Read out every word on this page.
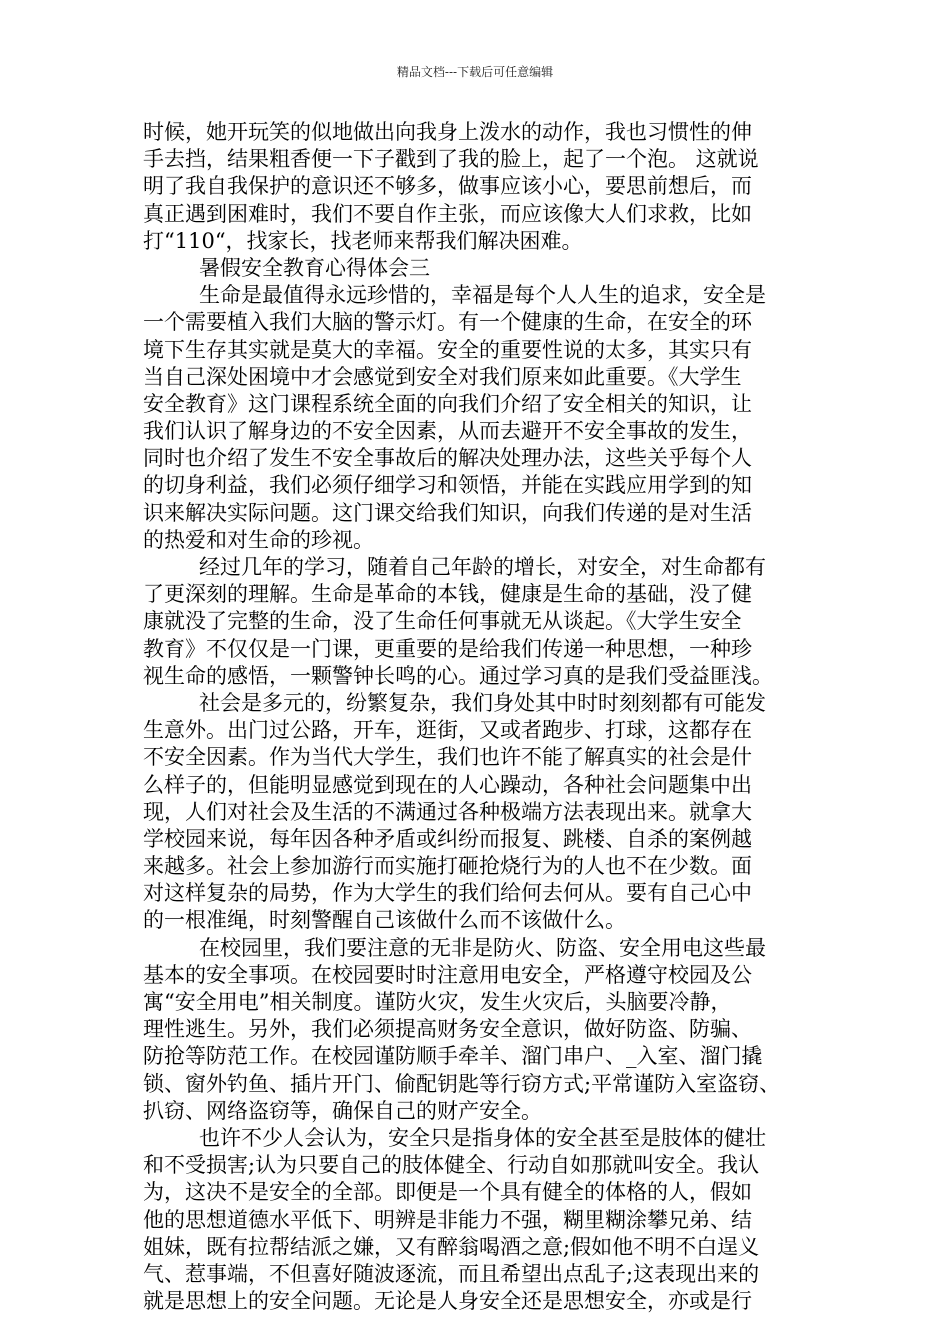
精品文档---下载后可任意编辑
时候，她开玩笑的似地做出向我身上泼水的动作，我也习惯性的伸
手去挡，结果粗香便一下子戳到了我的脸上，起了一个泡。 这就说
明了我自我保护的意识还不够多，做事应该小心，要思前想后，而
真正遇到困难时，我们不要自作主张，而应该像大人们求救，比如
打“110“，找家长，找老师来帮我们解决困难。
暑假安全教育心得体会三
生命是最值得永远珍惜的，幸福是每个人人生的追求，安全是
一个需要植入我们大脑的警示灯。有一个健康的生命，在安全的环
境下生存其实就是莫大的幸福。安全的重要性说的太多，其实只有
当自己深处困境中才会感觉到安全对我们原来如此重要。《大学生
安全教育》这门课程系统全面的向我们介绍了安全相关的知识，让
我们认识了解身边的不安全因素，从而去避开不安全事故的发生，
同时也介绍了发生不安全事故后的解决处理办法，这些关乎每个人
的切身利益，我们必须仔细学习和领悟，并能在实践应用学到的知
识来解决实际问题。这门课交给我们知识，向我们传递的是对生活
的热爱和对生命的珍视。
经过几年的学习，随着自己年龄的增长，对安全，对生命都有
了更深刻的理解。生命是革命的本钱，健康是生命的基础，没了健
康就没了完整的生命，没了生命任何事就无从谈起。《大学生安全
教育》不仅仅是一门课，更重要的是给我们传递一种思想，一种珍
视生命的感悟，一颗警钟长鸣的心。通过学习真的是我们受益匪浅。
社会是多元的，纷繁复杂，我们身处其中时时刻刻都有可能发
生意外。出门过公路，开车，逛街，又或者跑步、打球，这都存在
不安全因素。作为当代大学生，我们也许不能了解真实的社会是什
么样子的，但能明显感觉到现在的人心躁动，各种社会问题集中出
现，人们对社会及生活的不满通过各种极端方法表现出来。就拿大
学校园来说，每年因各种矛盾或纠纷而报复、跳楼、自杀的案例越
来越多。社会上参加游行而实施打砸抢烧行为的人也不在少数。面
对这样复杂的局势，作为大学生的我们给何去何从。要有自己心中
的一根准绳，时刻警醒自己该做什么而不该做什么。
在校园里，我们要注意的无非是防火、防盗、安全用电这些最
基本的安全事项。在校园要时时注意用电安全，严格遵守校园及公
寓“安全用电”相关制度。谨防火灾，发生火灾后，头脑要冷静，
理性逃生。另外，我们必须提高财务安全意识，做好防盗、防骗、
防抢等防范工作。在校园谨防顺手牵羊、溜门串户、_入室、溜门撬
锁、窗外钓鱼、插片开门、偷配钥匙等行窃方式;平常谨防入室盗窃、
扒窃、网络盗窃等，确保自己的财产安全。
也许不少人会认为，安全只是指身体的安全甚至是肢体的健壮
和不受损害;认为只要自己的肢体健全、行动自如那就叫安全。我认
为，这决不是安全的全部。即便是一个具有健全的体格的人，假如
他的思想道德水平低下、明辨是非能力不强，糊里糊涂攀兄弟、结
姐妹，既有拉帮结派之嫌，又有醉翁喝酒之意;假如他不明不白逞义
气、惹事端，不但喜好随波逐流，而且希望出点乱子;这表现出来的
就是思想上的安全问题。无论是人身安全还是思想安全，亦或是行
